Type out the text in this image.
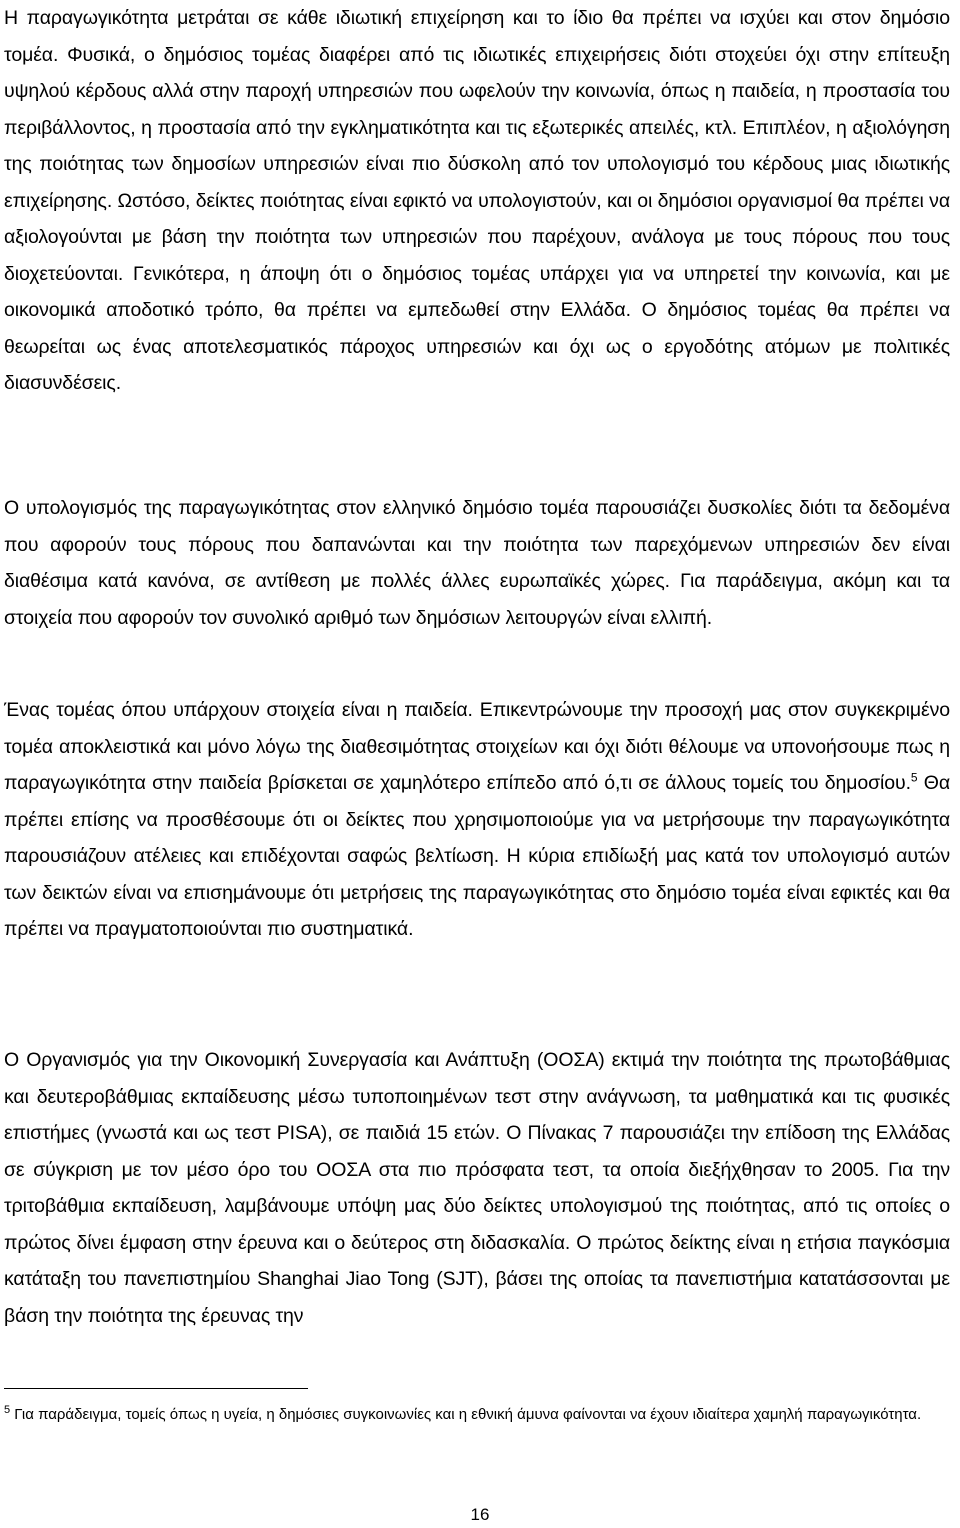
Η παραγωγικότητα μετράται σε κάθε ιδιωτική επιχείρηση και το ίδιο θα πρέπει να ισχύει και στον δημόσιο τομέα. Φυσικά, ο δημόσιος τομέας διαφέρει από τις ιδιωτικές επιχειρήσεις διότι στοχεύει όχι στην επίτευξη υψηλού κέρδους αλλά στην παροχή υπηρεσιών που ωφελούν την κοινωνία, όπως η παιδεία, η προστασία του περιβάλλοντος, η προστασία από την εγκληματικότητα και τις εξωτερικές απειλές, κτλ. Επιπλέον, η αξιολόγηση της ποιότητας των δημοσίων υπηρεσιών είναι πιο δύσκολη από τον υπολογισμό του κέρδους μιας ιδιωτικής επιχείρησης. Ωστόσο, δείκτες ποιότητας είναι εφικτό να υπολογιστούν, και οι δημόσιοι οργανισμοί θα πρέπει να αξιολογούνται με βάση την ποιότητα των υπηρεσιών που παρέχουν, ανάλογα με τους πόρους που τους διοχετεύονται. Γενικότερα, η άποψη ότι ο δημόσιος τομέας υπάρχει για να υπηρετεί την κοινωνία, και με οικονομικά αποδοτικό τρόπο, θα πρέπει να εμπεδωθεί στην Ελλάδα. Ο δημόσιος τομέας θα πρέπει να θεωρείται ως ένας αποτελεσματικός πάροχος υπηρεσιών και όχι ως ο εργοδότης ατόμων με πολιτικές διασυνδέσεις.

Ο υπολογισμός της παραγωγικότητας στον ελληνικό δημόσιο τομέα παρουσιάζει δυσκολίες διότι τα δεδομένα που αφορούν τους πόρους που δαπανώνται και την ποιότητα των παρεχόμενων υπηρεσιών δεν είναι διαθέσιμα κατά κανόνα, σε αντίθεση με πολλές άλλες ευρωπαϊκές χώρες. Για παράδειγμα, ακόμη και τα στοιχεία που αφορούν τον συνολικό αριθμό των δημόσιων λειτουργών είναι ελλιπή.

Ένας τομέας όπου υπάρχουν στοιχεία είναι η παιδεία. Επικεντρώνουμε την προσοχή μας στον συγκεκριμένο τομέα αποκλειστικά και μόνο λόγω της διαθεσιμότητας στοιχείων και όχι διότι θέλουμε να υπονοήσουμε πως η παραγωγικότητα στην παιδεία βρίσκεται σε χαμηλότερο επίπεδο από ό,τι σε άλλους τομείς του δημοσίου.$^5$ Θα πρέπει επίσης να προσθέσουμε ότι οι δείκτες που χρησιμοποιούμε για να μετρήσουμε την παραγωγικότητα παρουσιάζουν ατέλειες και επιδέχονται σαφώς βελτίωση. Η κύρια επιδίωξή μας κατά τον υπολογισμό αυτών των δεικτών είναι να επισημάνουμε ότι μετρήσεις της παραγωγικότητας στο δημόσιο τομέα είναι εφικτές και θα πρέπει να πραγματοποιούνται πιο συστηματικά.

Ο Οργανισμός για την Οικονομική Συνεργασία και Ανάπτυξη (ΟΟΣΑ) εκτιμά την ποιότητα της πρωτοβάθμιας και δευτεροβάθμιας εκπαίδευσης μέσω τυποποιημένων τεστ στην ανάγνωση, τα μαθηματικά και τις φυσικές επιστήμες (γνωστά και ως τεστ PISA), σε παιδιά 15 ετών. Ο Πίνακας 7 παρουσιάζει την επίδοση της Ελλάδας σε σύγκριση με τον μέσο όρο του ΟΟΣΑ στα πιο πρόσφατα τεστ, τα οποία διεξήχθησαν το 2005. Για την τριτοβάθμια εκπαίδευση, λαμβάνουμε υπόψη μας δύο δείκτες υπολογισμού της ποιότητας, από τις οποίες ο πρώτος δίνει έμφαση στην έρευνα και ο δεύτερος στη διδασκαλία. Ο πρώτος δείκτης είναι η ετήσια παγκόσμια κατάταξη του πανεπιστημίου Shanghai Jiao Tong (SJT), βάσει της οποίας τα πανεπιστήμια κατατάσσονται με βάση την ποιότητα της έρευνας την

$^5$ Για παράδειγμα, τομείς όπως η υγεία, η δημόσιες συγκοινωνίες και η εθνική άμυνα φαίνονται να έχουν ιδιαίτερα χαμηλή παραγωγικότητα.

16
